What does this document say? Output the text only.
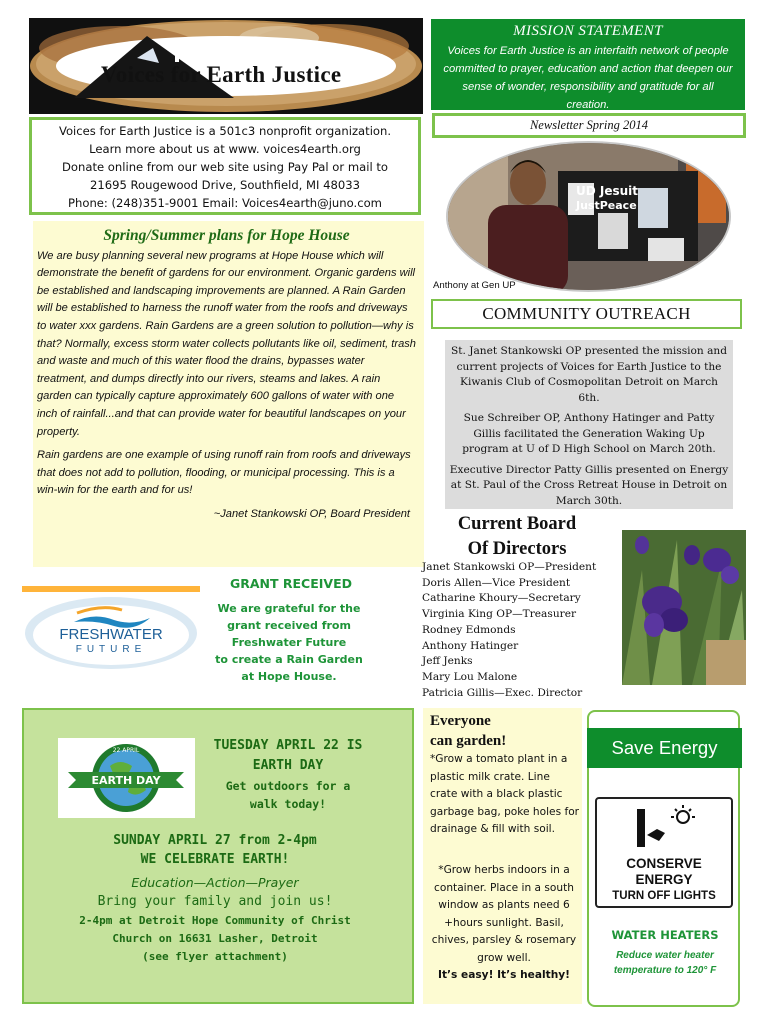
Voices for Earth Justice
Voices for Earth Justice is a 501c3 nonprofit organization.
Learn more about us at www. voices4earth.org
Donate online from our web site using Pay Pal or mail to
21695 Rougewood Drive, Southfield, MI 48033
Phone: (248)351-9001 Email: Voices4earth@juno.com
Spring/Summer plans for Hope House

We are busy planning several new programs at Hope House which will demonstrate the benefit of gardens for our environment. Organic gardens will be established and landscaping improvements are planned. A Rain Garden will be established to harness the runoff water from the roofs and driveways to water xxx gardens. Rain Gardens are a green solution to pollution—why is that? Normally, excess storm water collects pollutants like oil, sediment, trash and waste and much of this water flood the drains, bypasses water treatment, and dumps directly into our rivers, steams and lakes. A rain garden can typically capture approximately 600 gallons of water with one inch of rainfall...and that can provide water for beautiful landscapes on your property.

Rain gardens are one example of using runoff rain from roofs and driveways that does not add to pollution, flooding, or municipal processing. This is a win-win for the earth and for us!

~Janet Stankowski OP, Board President
MISSION STATEMENT
Voices for Earth Justice is an interfaith network of people committed to prayer, education and action that deepen our sense of wonder, responsibility and gratitude for all creation.
Newsletter Spring 2014
UD Jesuit
JustPeace
Anthony at Gen UP
COMMUNITY OUTREACH

St. Janet Stankowski OP presented the mission and current projects of Voices for Earth Justice to the Kiwanis Club of Cosmopolitan Detroit on March 6th.

Sue Schreiber OP, Anthony Hatinger and Patty Gillis facilitated the Generation Waking Up program at U of D High School on March 20th.

Executive Director Patty Gillis presented on Energy at St. Paul of the Cross Retreat House in Detroit on March 30th.

Current Board
Of Directors
Janet Stankowski OP—President
Doris Allen—Vice President
Catharine Khoury—Secretary
Virginia King OP—Treasurer
Rodney Edmonds
Anthony Hatinger
Jeff Jenks
Mary Lou Malone
Patricia Gillis—Exec. Director
FRESHWATER
FUTURE
GRANT RECEIVED
We are grateful for the
grant received from
Freshwater Future
to create a Rain Garden
at Hope House.
22 APRIL
EARTH DAY
TUESDAY APRIL 22 IS
EARTH DAY
Get outdoors for a
walk today!
SUNDAY APRIL 27 from 2-4pm
WE CELEBRATE EARTH!
Education—Action—Prayer
Bring your family and join us!
2-4pm at Detroit Hope Community of Christ
Church on 16631 Lasher, Detroit
(see flyer attachment)
Everyone
can garden!
*Grow a tomato plant in a plastic milk crate. Line crate with a black plastic garbage bag, poke holes for drainage & fill with soil.
*Grow herbs indoors in a container. Place in a south window as plants need 6 +hours sunlight. Basil, chives, parsley & rosemary grow well.
It’s easy! It’s healthy!
Save Energy
CONSERVE
ENERGY
TURN OFF LIGHTS
WATER HEATERS
Reduce water heater temperature to 120° F
